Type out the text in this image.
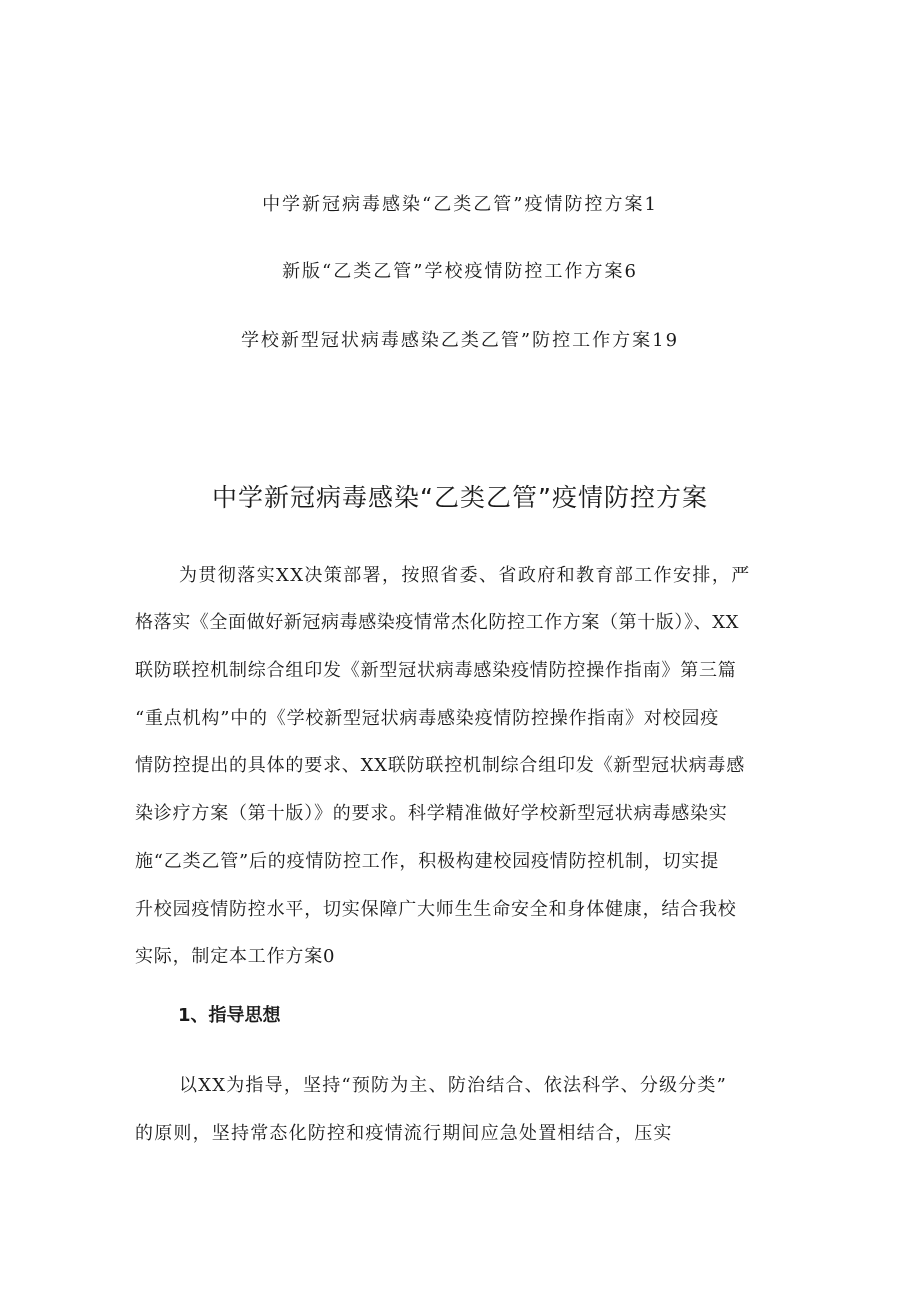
中学新冠病毒感染“乙类乙管”疫情防控方案1
新版“乙类乙管”学校疫情防控工作方案6
学校新型冠状病毒感染乙类乙管”防控工作方案19
中学新冠病毒感染“乙类乙管”疫情防控方案
为贯彻落实XX决策部署，按照省委、省政府和教育部工作安排，严
格落实《全面做好新冠病毒感染疫情常杰化防控工作方案（第十版）》、XX
联防联控机制综合组印发《新型冠状病毒感染疫情防控操作指南》第三篇
“重点机构”中的《学校新型冠状病毒感染疫情防控操作指南》对校园疫
情防控提出的具体的要求、XX联防联控机制综合组印发《新型冠状病毒感
染诊疗方案（第十版）》的要求。科学精准做好学校新型冠状病毒感染实
施“乙类乙管”后的疫情防控工作，积极构建校园疫情防控机制，切实提
升校园疫情防控水平，切实保障广大师生生命安全和身体健康，结合我校
实际，制定本工作方案0
1、指导思想
以XX为指导，坚持“预防为主、防治结合、依法科学、分级分类”
的原则，坚持常态化防控和疫情流行期间应急处置相结合，压实
